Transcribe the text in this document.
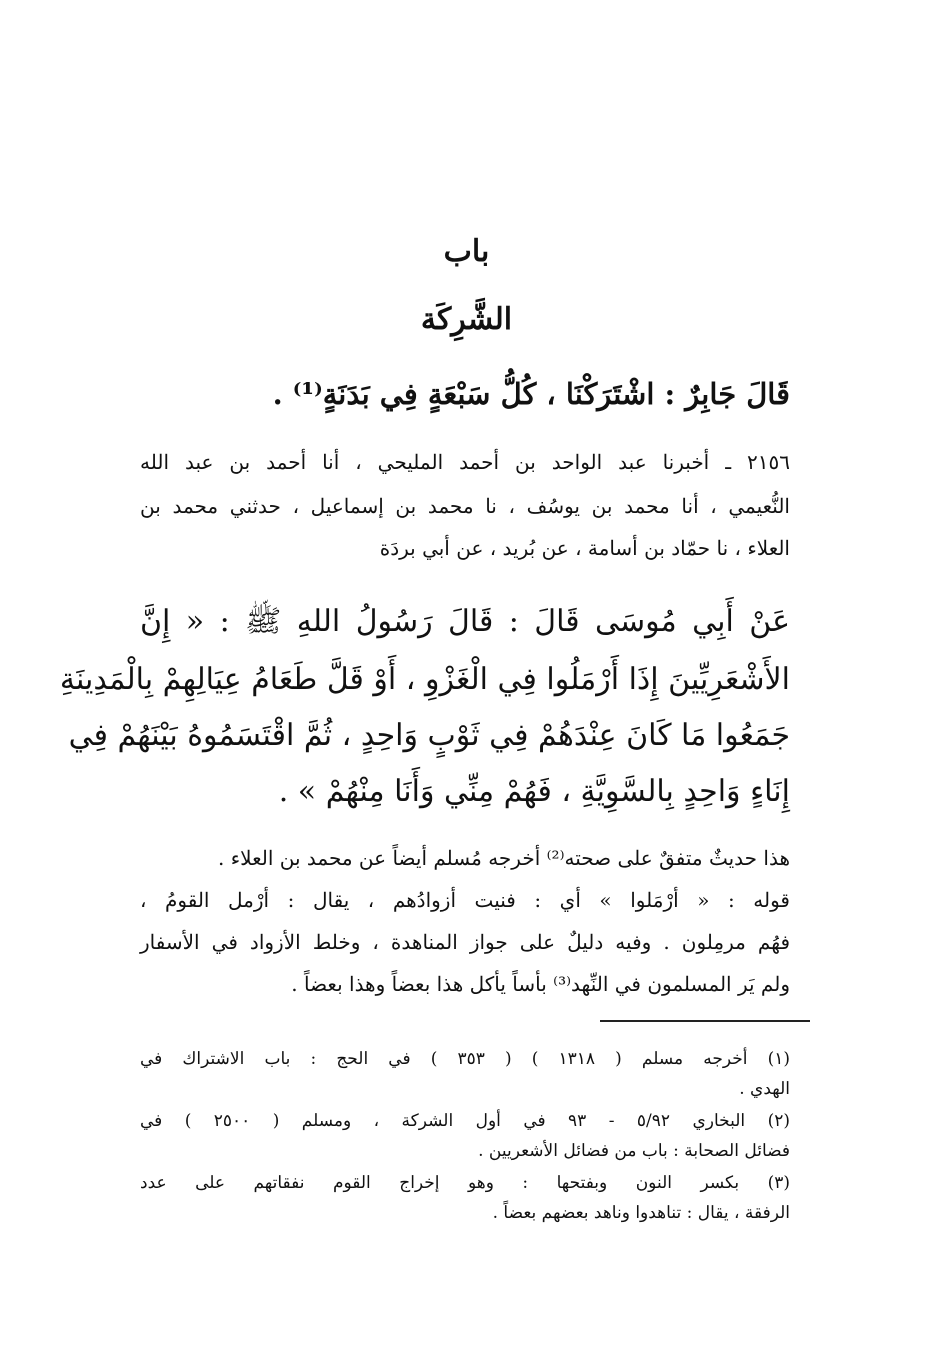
باب
الشَّرِكَة
قَالَ جَابِرٌ : اشْتَرَكْنَا ، كُلُّ سَبْعَةٍ فِي بَدَنَةٍ⁽¹⁾ .
٢١٥٦ ـ أخبرنا عبد الواحد بن أحمد المليحي ، أنا أحمد بن عبد الله
النُّعيمي ، أنا محمد بن يوسُف ، نا محمد بن إسماعيل ، حدثني محمد بن
العلاء ، نا حمّاد بن أسامة ، عن بُريد ، عن أبي بردَة
عَنْ أَبِي مُوسَى قَالَ : قَالَ رَسُولُ اللهِ ﷺ : « إِنَّ
الأَشْعَرِيِّينَ إِذَا أَرْمَلُوا فِي الْغَزْوِ ، أَوْ قَلَّ طَعَامُ عِيَالِهِمْ بِالْمَدِينَةِ
جَمَعُوا مَا كَانَ عِنْدَهُمْ فِي ثَوْبٍ وَاحِدٍ ، ثُمَّ اقْتَسَمُوهُ بَيْنَهُمْ فِي
إِنَاءٍ وَاحِدٍ بِالسَّوِيَّةِ ، فَهُمْ مِنِّي وَأَنَا مِنْهُمْ » .
هذا حديثٌ متفقٌ على صحته⁽²⁾ أخرجه مُسلم أيضاً عن محمد بن العلاء .
قوله : « أرْمَلوا » أي : فنيت أزوادُهم ، يقال : أرْمل القومُ ،
فهُم مرمِلون . وفيه دليلٌ على جواز المناهدة ، وخلط الأزواد في الأسفار
ولم يَر المسلمون في النِّهد⁽³⁾ بأساً يأكل هذا بعضاً وهذا بعضاً .
(١) أخرجه مسلم ( ١٣١٨ ) ( ٣٥٣ ) في الحج : باب الاشتراك في
الهدي .
(٢) البخاري ٥/٩٢ - ٩٣ في أول الشركة ، ومسلم ( ٢٥٠٠ ) في
فضائل الصحابة : باب من فضائل الأشعريين .
(٣) بكسر النون وبفتحها : وهو إخراج القوم نفقاتهم على عدد
الرفقة ، يقال : تناهدوا وناهد بعضهم بعضاً .
